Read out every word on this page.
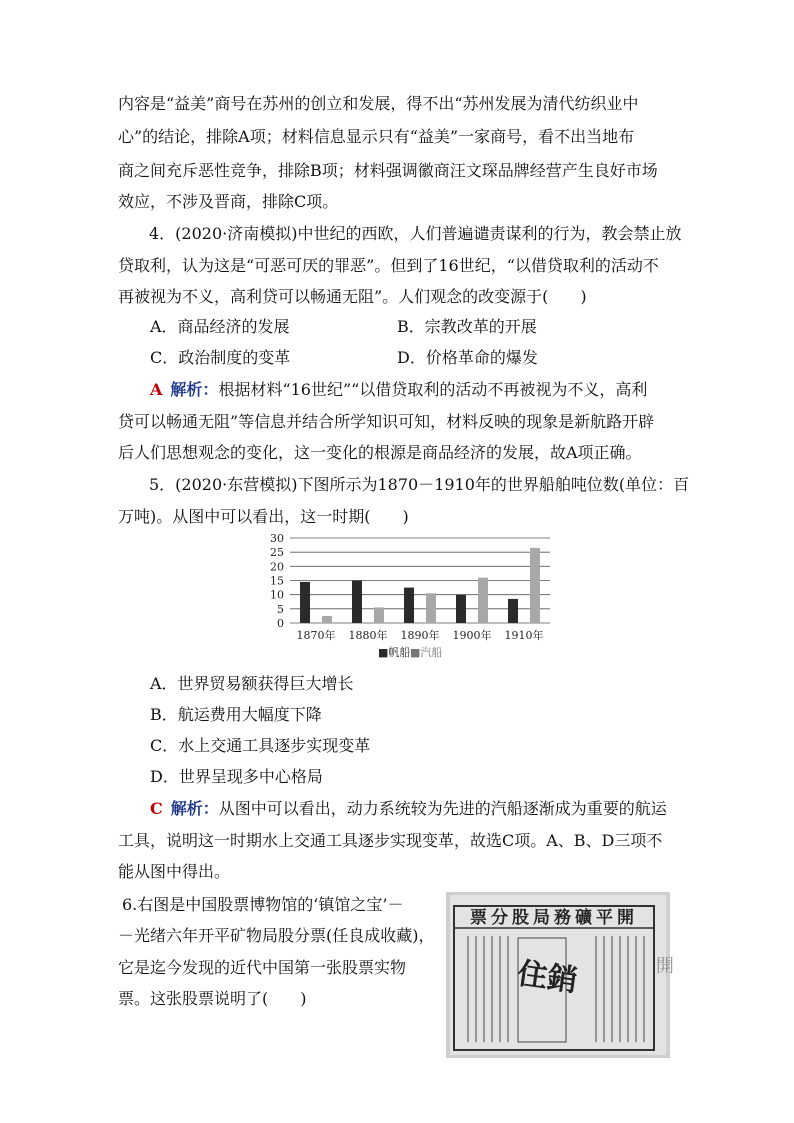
内容是“益美”商号在苏州的创立和发展，得不出“苏州发展为清代纺织业中
心”的结论，排除A项；材料信息显示只有“益美”一家商号，看不出当地布
商之间充斥恶性竞争，排除B项；材料强调徽商汪文琛品牌经营产生良好市场
效应，不涉及晋商，排除C项。
4．(2020·济南模拟)中世纪的西欧，人们普遍谴责谋利的行为，教会禁止放
贷取利，认为这是“可恶可厌的罪恶”。但到了16世纪，“以借贷取利的活动不
再被视为不义，高利贷可以畅通无阻”。人们观念的改变源于(　　)
A．商品经济的发展	B．宗教改革的开展
C．政治制度的变革	D．价格革命的爆发
A  解析：根据材料“16世纪”“以借贷取利的活动不再被视为不义，高利
贷可以畅通无阻”等信息并结合所学知识可知，材料反映的现象是新航路开辟
后人们思想观念的变化，这一变化的根源是商品经济的发展，故A项正确。
5．(2020·东营模拟)下图所示为1870－1910年的世界船舶吨位数(单位：百
万吨)。从图中可以看出，这一时期(　　)
30
25
20
15
10
5
0
1870年 1880年 1890年 1900年 1910年
■帆船 ■汽船
A．世界贸易额获得巨大增长
B．航运费用大幅度下降
C．水上交通工具逐步实现变革
D．世界呈现多中心格局
C  解析：从图中可以看出，动力系统较为先进的汽船逐渐成为重要的航运
工具，说明这一时期水上交通工具逐步实现变革，故选C项。A、B、D三项不
能从图中得出。
6.右图是中国股票博物馆的‘镇馆之宝’－
－光绪六年开平矿物局股分票(任良成收藏)，
它是迄今发现的近代中国第一张股票实物
票。这张股票说明了(　　)
票分股局務礦平開
住銷	開
